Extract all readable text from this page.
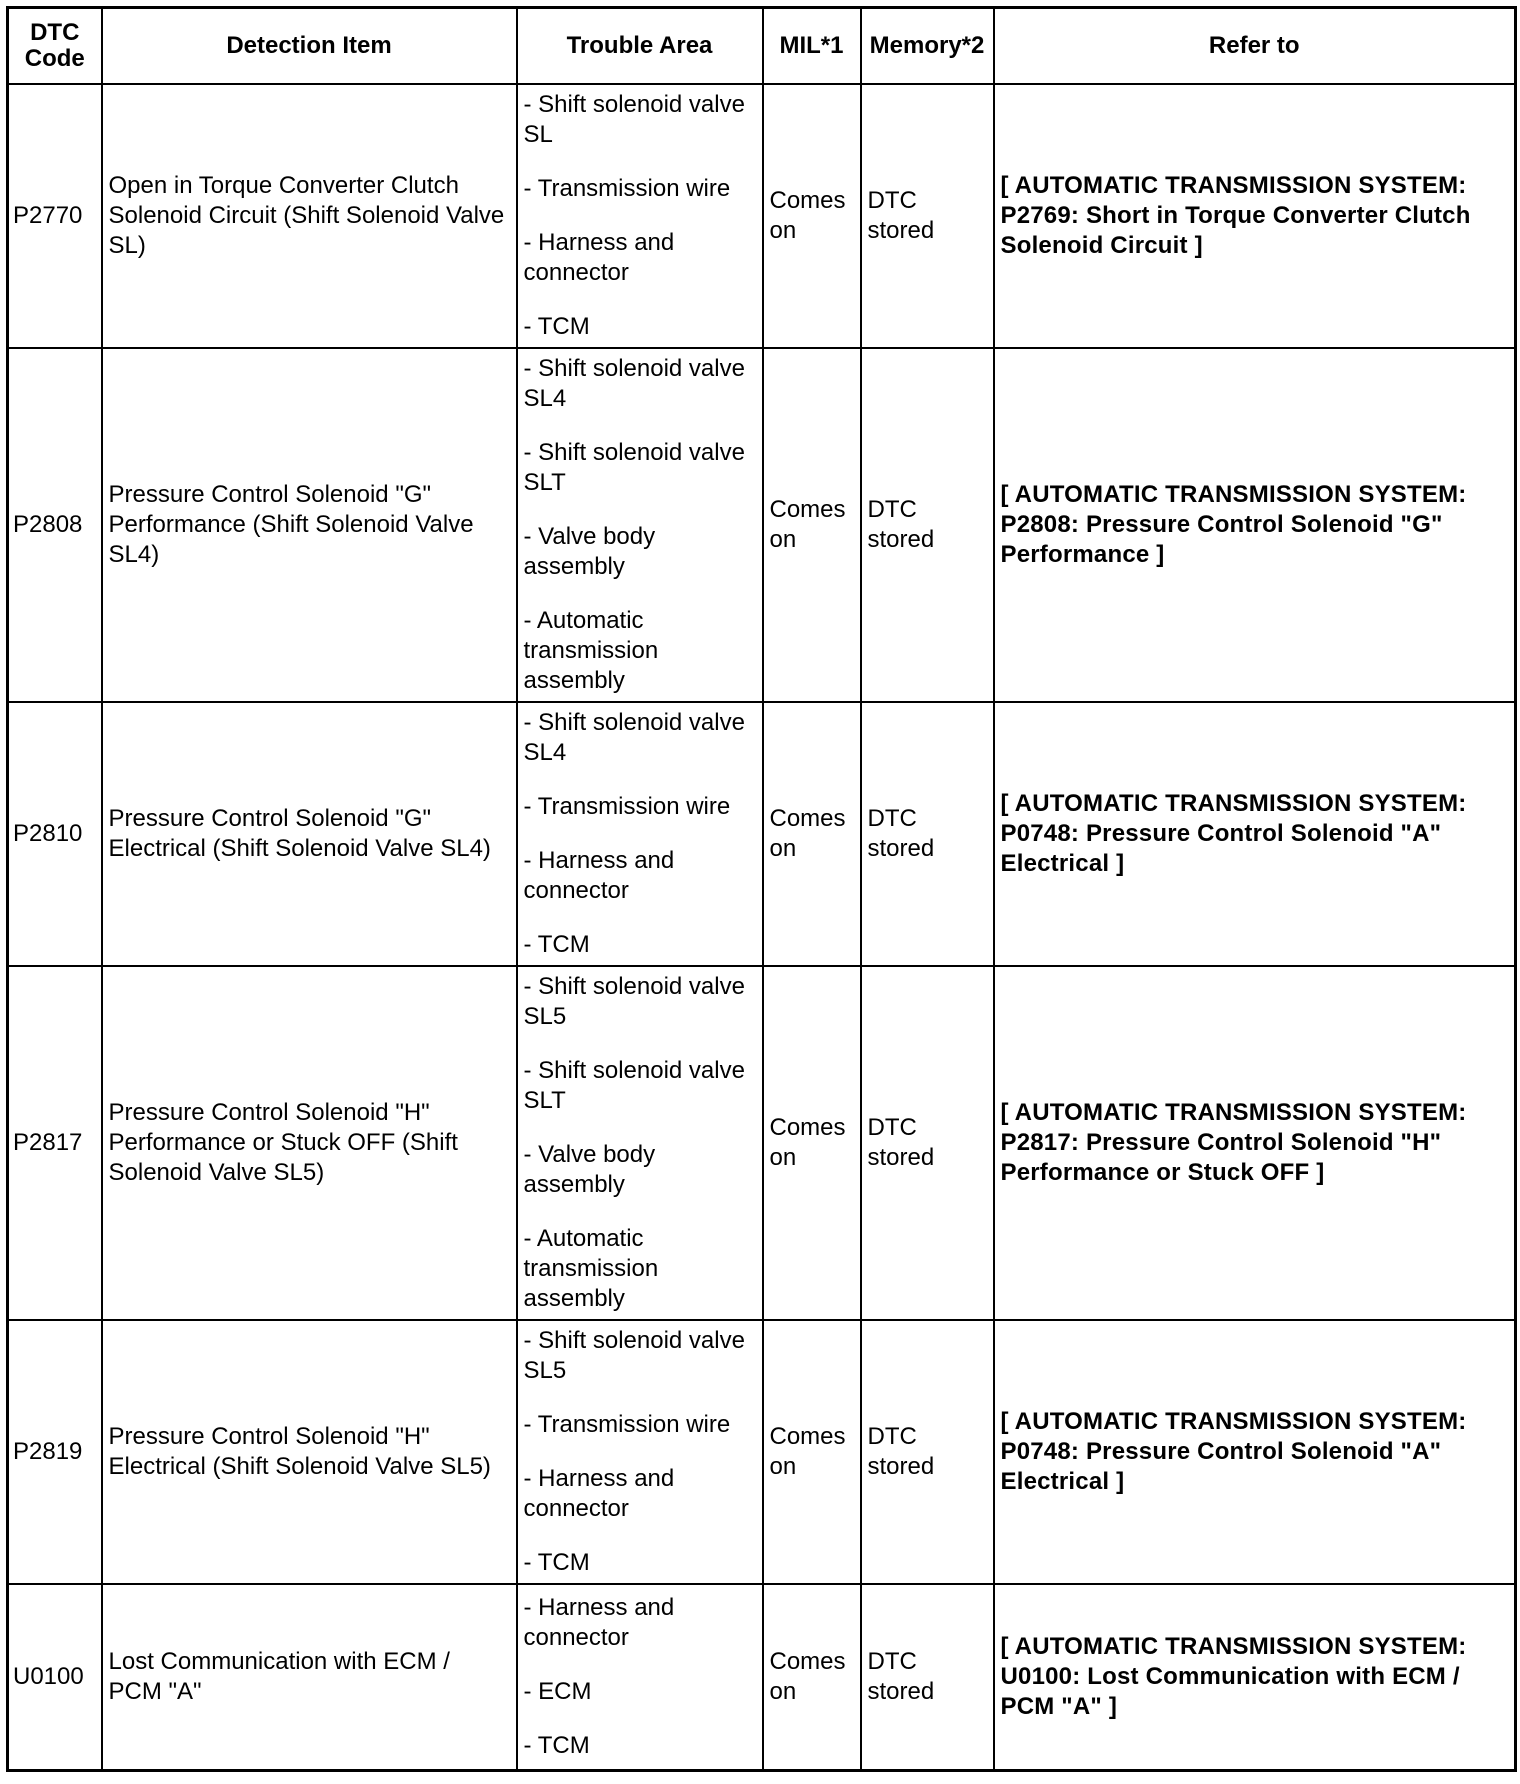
DTC
Code	Detection Item	Trouble Area	MIL*1	Memory*2	Refer to
P2770	Open in Torque Converter Clutch Solenoid Circuit (Shift Solenoid Valve SL)	- Shift solenoid valve SL
- Transmission wire
- Harness and connector
- TCM	Comes on	DTC stored	[ AUTOMATIC TRANSMISSION SYSTEM: P2769: Short in Torque Converter Clutch Solenoid Circuit ]
P2808	Pressure Control Solenoid "G" Performance (Shift Solenoid Valve SL4)	- Shift solenoid valve SL4
- Shift solenoid valve SLT
- Valve body assembly
- Automatic transmission assembly	Comes on	DTC stored	[ AUTOMATIC TRANSMISSION SYSTEM: P2808: Pressure Control Solenoid "G" Performance ]
P2810	Pressure Control Solenoid "G" Electrical (Shift Solenoid Valve SL4)	- Shift solenoid valve SL4
- Transmission wire
- Harness and connector
- TCM	Comes on	DTC stored	[ AUTOMATIC TRANSMISSION SYSTEM: P0748: Pressure Control Solenoid "A" Electrical ]
P2817	Pressure Control Solenoid "H" Performance or Stuck OFF (Shift Solenoid Valve SL5)	- Shift solenoid valve SL5
- Shift solenoid valve SLT
- Valve body assembly
- Automatic transmission assembly	Comes on	DTC stored	[ AUTOMATIC TRANSMISSION SYSTEM: P2817: Pressure Control Solenoid "H" Performance or Stuck OFF ]
P2819	Pressure Control Solenoid "H" Electrical (Shift Solenoid Valve SL5)	- Shift solenoid valve SL5
- Transmission wire
- Harness and connector
- TCM	Comes on	DTC stored	[ AUTOMATIC TRANSMISSION SYSTEM: P0748: Pressure Control Solenoid "A" Electrical ]
U0100	Lost Communication with ECM / PCM "A"	- Harness and connector
- ECM
- TCM	Comes on	DTC stored	[ AUTOMATIC TRANSMISSION SYSTEM: U0100: Lost Communication with ECM / PCM "A" ]
